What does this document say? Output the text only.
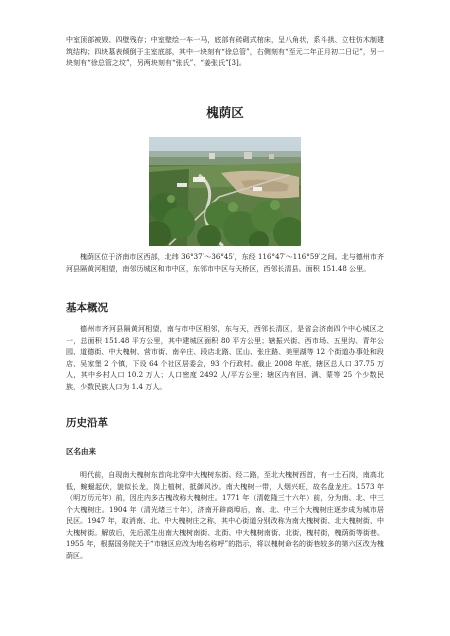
中室顶部被毁、四壁残存；中室壁绘一车一马，底部有砖砌式棺床，呈八角状，系斗拱、立柱仿木制建筑结构；四块墓表倾倒于主室底部，其中一块刻有“徐总管”，右侧刻有“至元二年正月初二日记”，另一块刻有“徐总管之坟”，另两块刻有“张氏”、“姜张氏”[3]。

槐荫区

槐荫区位于济南市区西部，北纬 36°37′～36°45′，东经 116°47′～116°59′之间。北与德州市齐河县隔黄河相望，南邻历城区和市中区，东邻市中区与天桥区，西邻长清县。面积 151.48 公里。

基本概况

德州市齐河县隔黄河相望，南与市中区相邻，东与天，西邻长清区，是省会济南四个中心城区之一，总面积 151.48 平方公里，其中建城区面积 80 平方公里；辖振兴街、西市场、五里沟、青年公园、道德街、中大槐树、营市街、南辛庄、段店北路、匡山、张庄路、美里湖等 12 个街道办事处和段店、吴家堡 2 个镇，下设 64 个社区居委会，93 个行政村。截止 2008 年底，辖区总人口 37.75 万人，其中乡村人口 10.2 万人；人口密度 2492 人/平方公里；辖区内有回、满、蒙等 25 个少数民族，少数民族人口为 1.4 万人。

历史沿革
区名由来

明代前，自现南大槐树东首向北穿中大槐树东街、经二路，至北大槐树西首，有一土石岗，南高北低，蜿蜒起伏，貌似长龙，岗上植树，抵御风沙。南大槐树一带，人烟兴旺，故名盘龙庄。1573 年（明万历元年）前，因庄内多古槐改称大槐树庄。1771 年（清乾隆三十六年）前，分为南、北、中三个大槐树庄。1904 年（清光绪三十年），济南开辟商埠后，南、北、中三个大槐树庄逐步成为城市居民区。1947 年，取消南、北、中大槐树庄之称，其中心街道分别改称为南大槐树街、北大槐树街、中大槐树街。解放后，先后派生出南大槐树南街、北街、中大槐树南街、北街，槐村街，槐荫街等街巷。1955 年，根据国务院关于“市辖区应改为地名称呼”的指示，将以槐树命名的街巷较多的第六区改为槐荫区。
